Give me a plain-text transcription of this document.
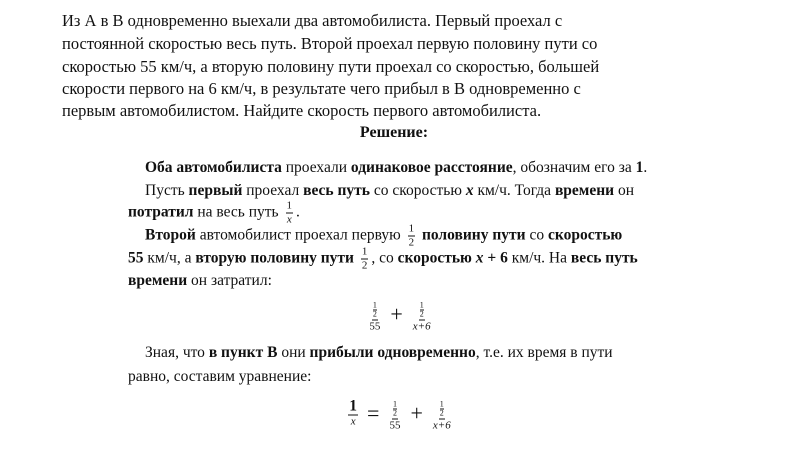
Из А в В одновременно выехали два автомобилиста. Первый проехал с
постоянной скоростью весь путь. Второй проехал первую половину пути со
скоростью 55 км/ч, а вторую половину пути проехал со скоростью, большей
скорости первого на 6 км/ч, в результате чего прибыл в В одновременно с
первым автомобилистом. Найдите скорость первого автомобилиста.
Решение:
Оба автомобилиста проехали одинаковое расстояние, обозначим его за 1.
Пусть первый проехал весь путь со скоростью x км/ч. Тогда времени он
потратил на весь путь $\frac{1}{x}$ .
Второй автомобилист проехал первую $\frac{1}{2}$ половину пути со скоростью
55 км/ч, а вторую половину пути $\frac{1}{2}$ , со скоростью x + 6 км/ч. На весь путь
времени он затратил:
$\frac{1}{2}$
55
+ $\frac{1}{2}$
x+6
Зная, что в пункт В они прибыли одновременно, т.е. их время в пути
равно, составим уравнение:
1
$x = \frac{1}{2}$
55
+ $\frac{1}{2}$
x+6
